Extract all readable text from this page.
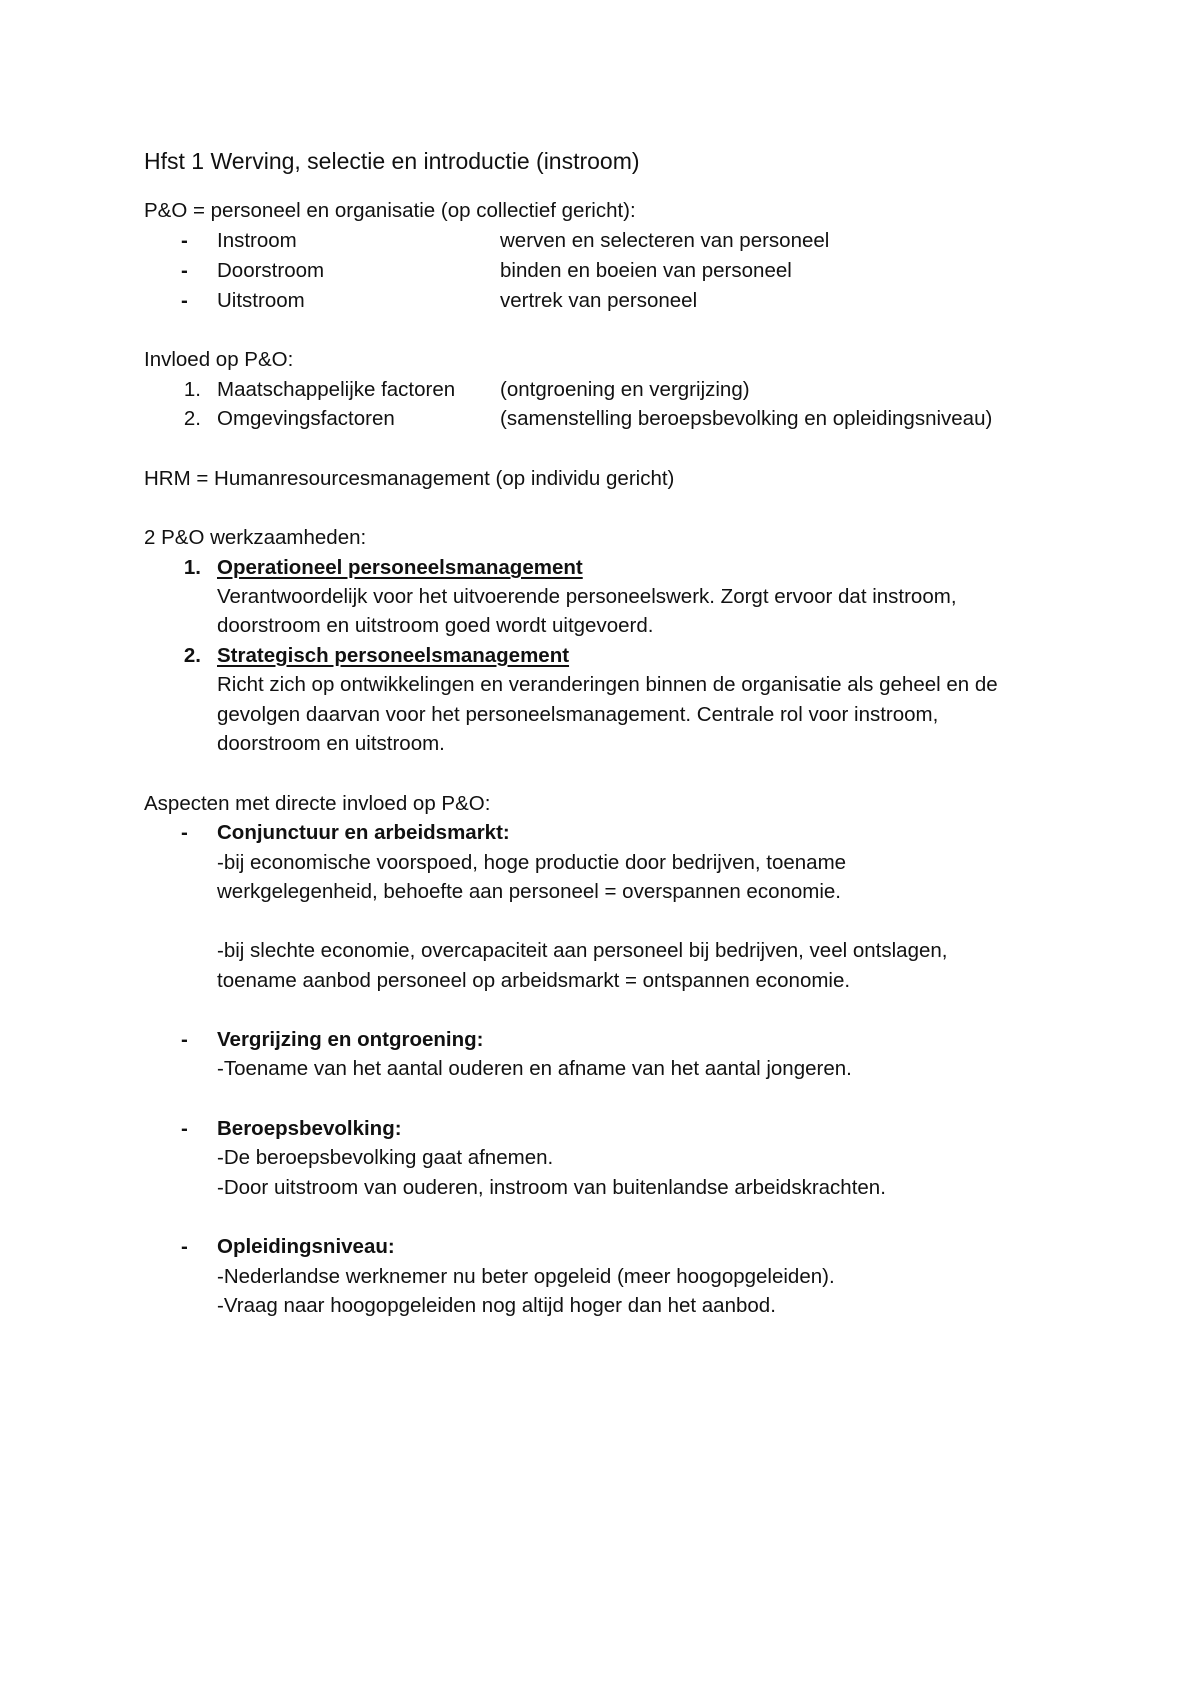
Hfst 1 Werving, selectie en introductie (instroom)
P&O = personeel en organisatie (op collectief gericht):
- Instroom	werven en selecteren van personeel
- Doorstroom	binden en boeien van personeel
- Uitstroom	vertrek van personeel
Invloed op P&O:
1. Maatschappelijke factoren (ontgroening en vergrijzing)
2. Omgevingsfactoren	(samenstelling beroepsbevolking en opleidingsniveau)
HRM = Humanresourcesmanagement (op individu gericht)
2 P&O werkzaamheden:
1. Operationeel personeelsmanagement
Verantwoordelijk voor het uitvoerende personeelswerk. Zorgt ervoor dat instroom,
doorstroom en uitstroom goed wordt uitgevoerd.
2. Strategisch personeelsmanagement
Richt zich op ontwikkelingen en veranderingen binnen de organisatie als geheel en de
gevolgen daarvan voor het personeelsmanagement. Centrale rol voor instroom,
doorstroom en uitstroom.
Aspecten met directe invloed op P&O:
- Conjunctuur en arbeidsmarkt:
-bij economische voorspoed, hoge productie door bedrijven, toename
werkgelegenheid, behoefte aan personeel = overspannen economie.
-bij slechte economie, overcapaciteit aan personeel bij bedrijven, veel ontslagen,
toename aanbod personeel op arbeidsmarkt = ontspannen economie.
- Vergrijzing en ontgroening:
-Toename van het aantal ouderen en afname van het aantal jongeren.
- Beroepsbevolking:
-De beroepsbevolking gaat afnemen.
-Door uitstroom van ouderen, instroom van buitenlandse arbeidskrachten.
- Opleidingsniveau:
-Nederlandse werknemer nu beter opgeleid (meer hoogopgeleiden).
-Vraag naar hoogopgeleiden nog altijd hoger dan het aanbod.
